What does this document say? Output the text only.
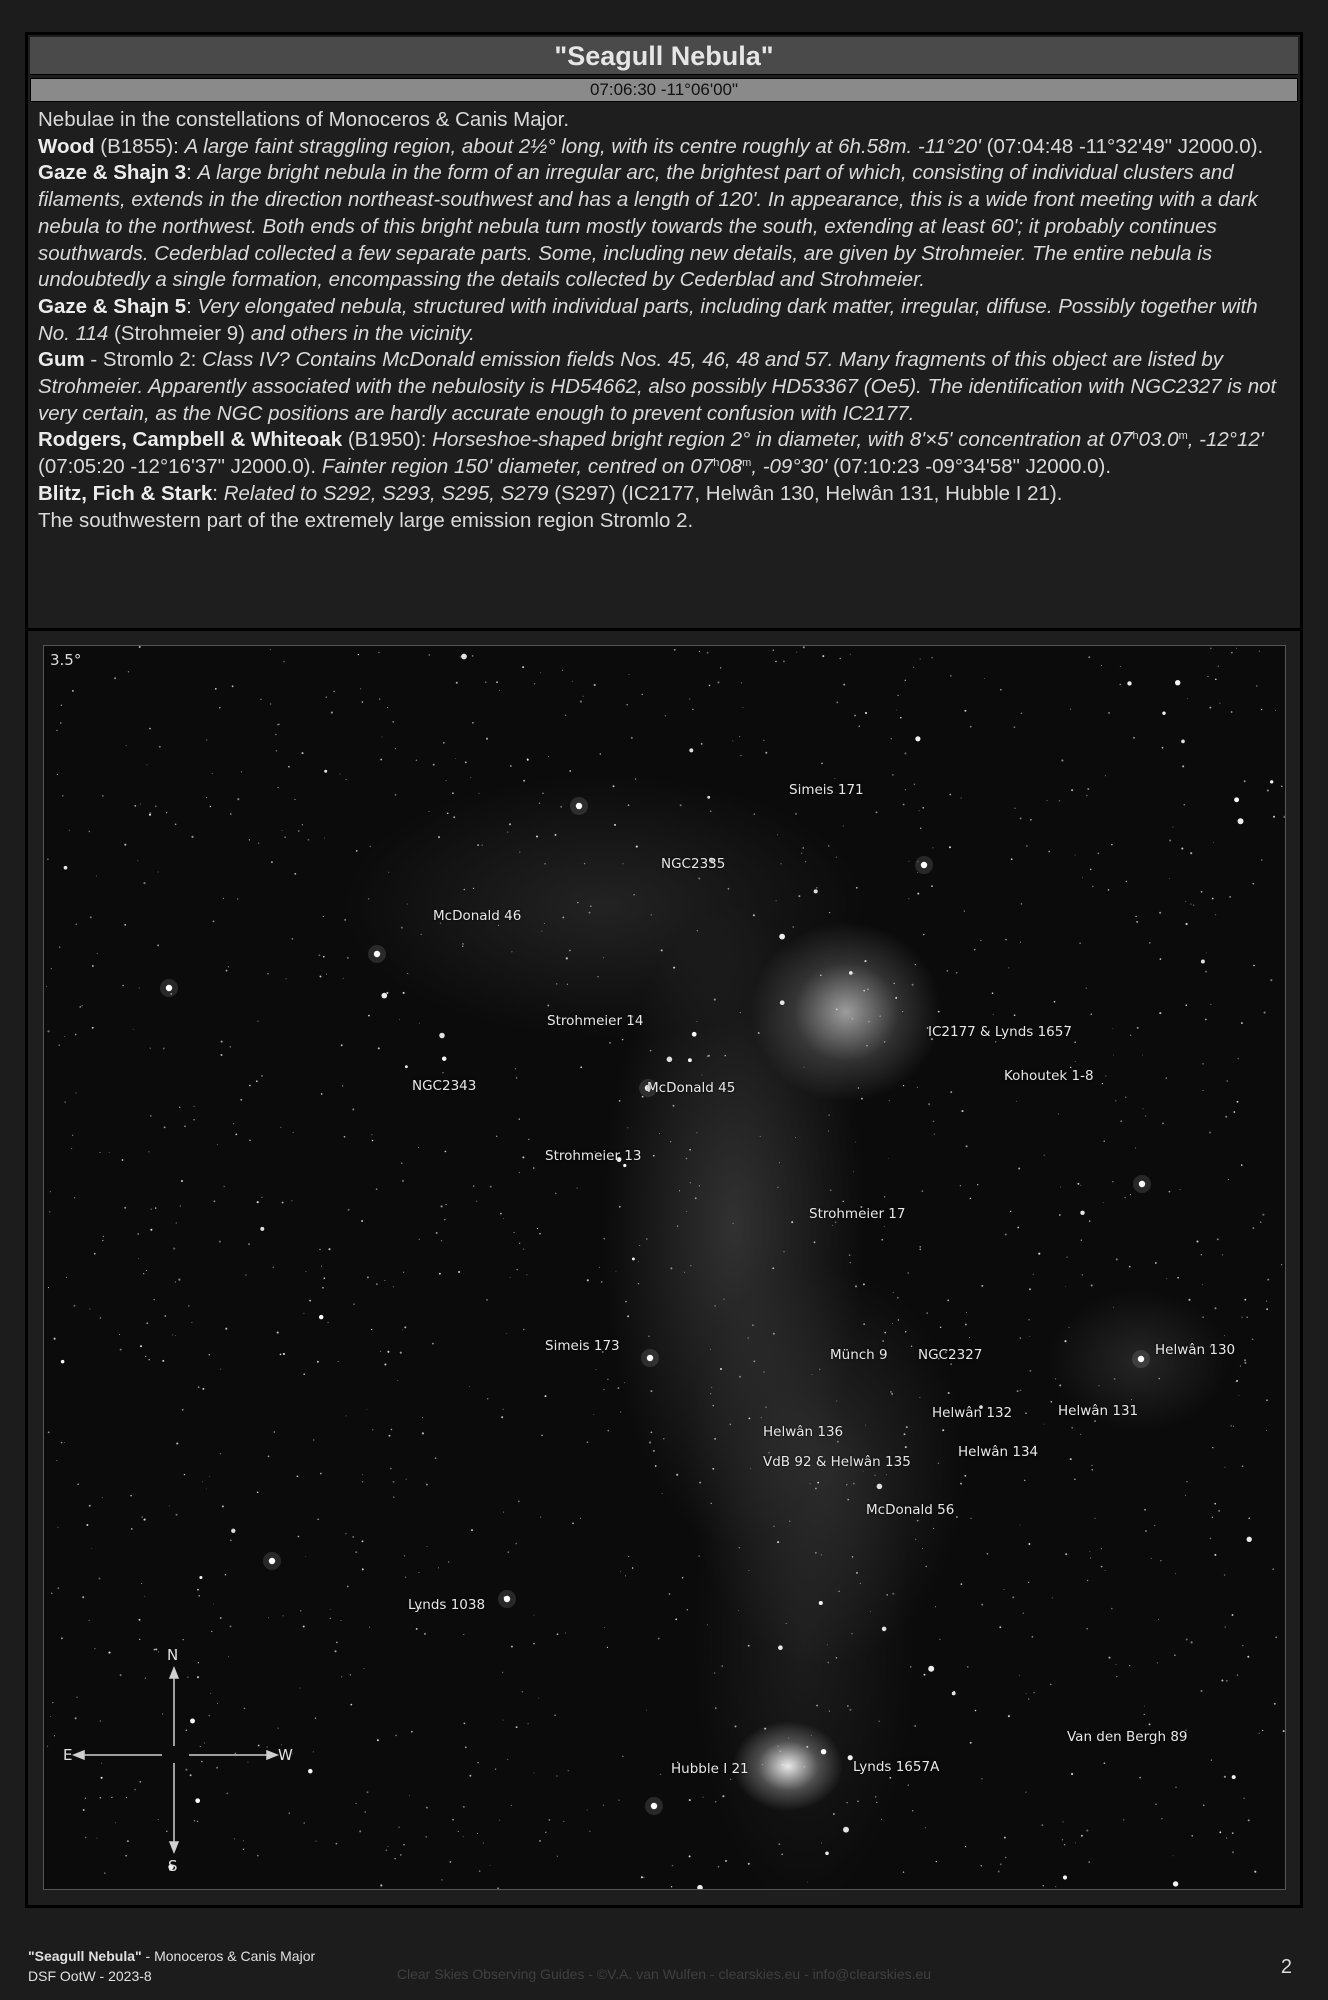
"Seagull Nebula"
07:06:30 -11°06'00"

Nebulae in the constellations of Monoceros & Canis Major.

Wood (B1855): A large faint straggling region, about 2½° long, with its centre roughly at 6h.58m. -11°20' (07:04:48 -11°32'49" J2000.0).

Gaze & Shajn 3: A large bright nebula in the form of an irregular arc, the brightest part of which, consisting of individual clusters and filaments, extends in the direction northeast-southwest and has a length of 120'. In appearance, this is a wide front meeting with a dark nebula to the northwest. Both ends of this bright nebula turn mostly towards the south, extending at least 60'; it probably continues southwards. Cederblad collected a few separate parts. Some, including new details, are given by Strohmeier. The entire nebula is undoubtedly a single formation, encompassing the details collected by Cederblad and Strohmeier.

Gaze & Shajn 5: Very elongated nebula, structured with individual parts, including dark matter, irregular, diffuse. Possibly together with No. 114 (Strohmeier 9) and others in the vicinity.

Gum - Stromlo 2: Class IV? Contains McDonald emission fields Nos. 45, 46, 48 and 57. Many fragments of this object are listed by Strohmeier. Apparently associated with the nebulosity is HD54662, also possibly HD53367 (Oe5). The identification with NGC2327 is not very certain, as the NGC positions are hardly accurate enough to prevent confusion with IC2177.

Rodgers, Campbell & Whiteoak (B1950): Horseshoe-shaped bright region 2° in diameter, with 8'×5' concentration at 07$^h$03.0$^m$, -12°12' (07:05:20 -12°16'37" J2000.0). Fainter region 150' diameter, centred on 07$^h$08$^m$, -09°30' (07:10:23 -09°34'58" J2000.0).

Blitz, Fich & Stark: Related to S292, S293, S295, S279 (S297) (IC2177, Helwân 130, Helwân 131, Hubble I 21).

The southwestern part of the extremely large emission region Stromlo 2.

3.5°
Simeis 171
NGC2335
McDonald 46
Strohmeier 14
IC2177 & Lynds 1657
Kohoutek 1-8
NGC2343	McDonald 45
Strohmeier 13
Strohmeier 17
Simeis 173
Münch 9 NGC2327	Helwân 130
Helwân 132	Helwân 131
Helwân 136
VdB 92 & Helwân 135
Helwân 134
McDonald 56
Lynds 1038
Van den Bergh 89
Hubble I 21	Lynds 1657A
N
S
E	W
"Seagull Nebula" - Monoceros & Canis Major
DSF OotW - 2023-8	Clear Skies Observing Guides - ©V.A. van Wulfen - clearskies.eu - info@clearskies.eu	2
